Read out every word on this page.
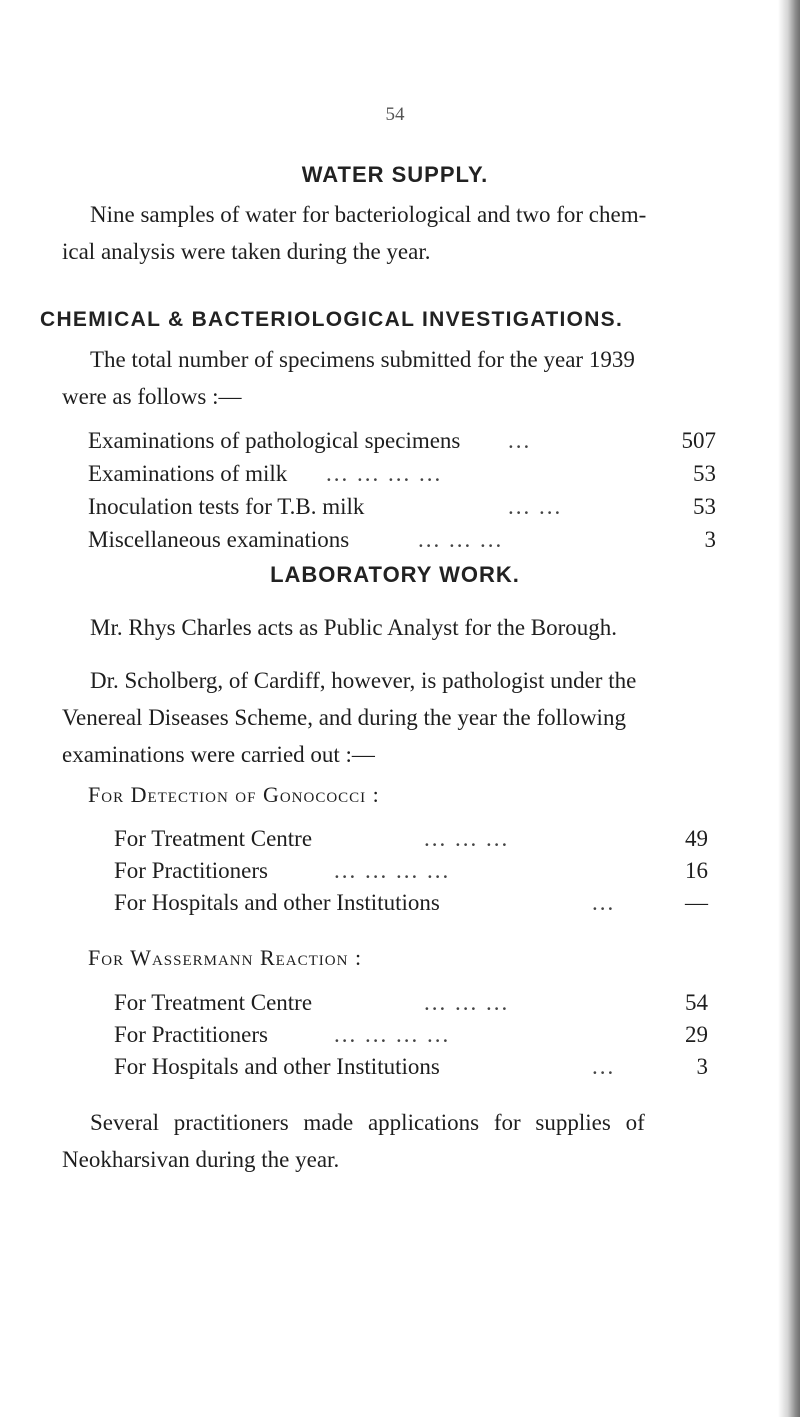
54
WATER SUPPLY.
Nine samples of water for bacteriological and two for chem-
ical analysis were taken during the year.
CHEMICAL & BACTERIOLOGICAL INVESTIGATIONS.
The total number of specimens submitted for the year 1939
were as follows :—
Examinations of pathological specimens ...	507
Examinations of milk ... ... ... ...	53
Inoculation tests for T.B. milk	... ...	53
Miscellaneous examinations	... ... ...	3
LABORATORY WORK.
Mr. Rhys Charles acts as Public Analyst for the Borough.
Dr. Scholberg, of Cardiff, however, is pathologist under the
Venereal Diseases Scheme, and during the year the following
examinations were carried out :—
For Detection of Gonococci :
For Treatment Centre	... ... ...	49
For Practitioners	... ... ... ...	16
For Hospitals and other Institutions	...	—
For Wassermann Reaction :
For Treatment Centre	... ... ...	54
For Practitioners	... ... ... ...	29
For Hospitals and other Institutions	...	3
Several practitioners made applications for supplies of
Neokharsivan during the year.
